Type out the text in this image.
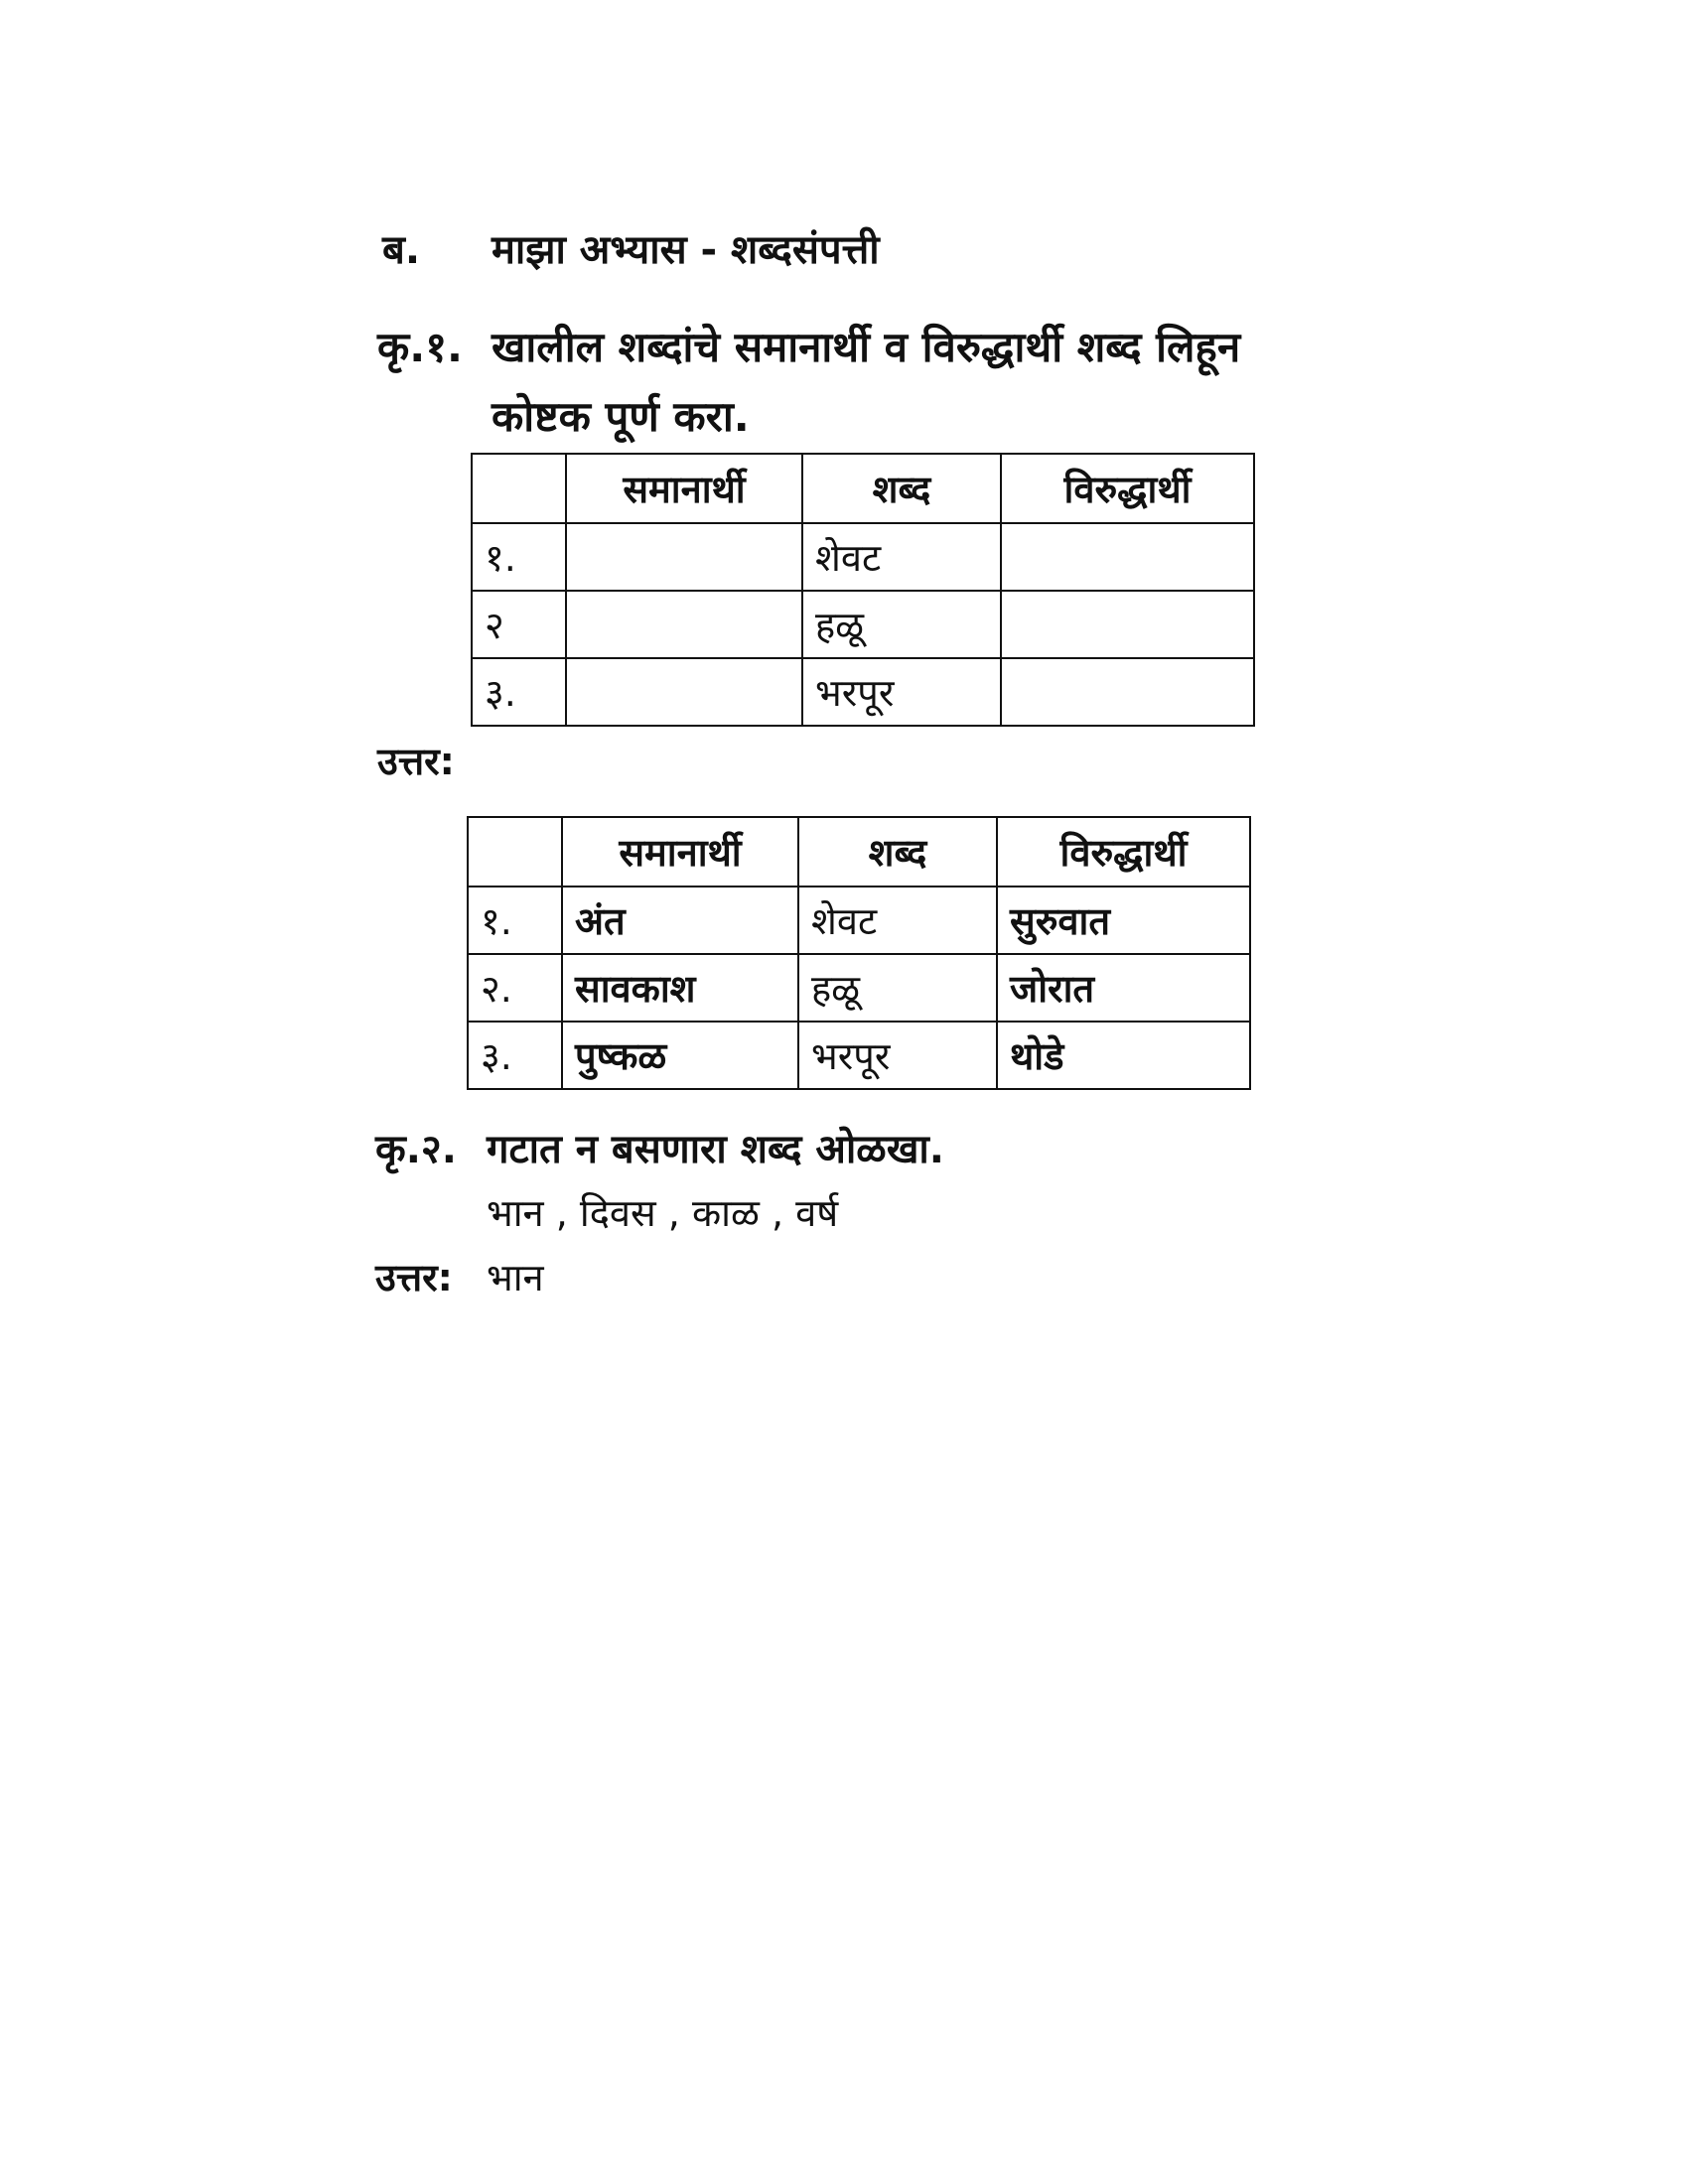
ब. माझा अभ्यास - शब्दसंपत्ती
कृ.१. खालील शब्दांचे समानार्थी व विरुद्धार्थी शब्द लिहून
कोष्टक पूर्ण करा.
	समानार्थी	शब्द	विरुद्धार्थी
१.		शेवट	
२		हळू	
३.		भरपूर	
उत्तर:
	समानार्थी	शब्द	विरुद्धार्थी
१.	अंत	शेवट	सुरुवात
२.	सावकाश	हळू	जोरात
३.	पुष्कळ	भरपूर	थोडे
कृ.२. गटात न बसणारा शब्द ओळखा.
भान , दिवस , काळ , वर्ष
उत्तर: भान
